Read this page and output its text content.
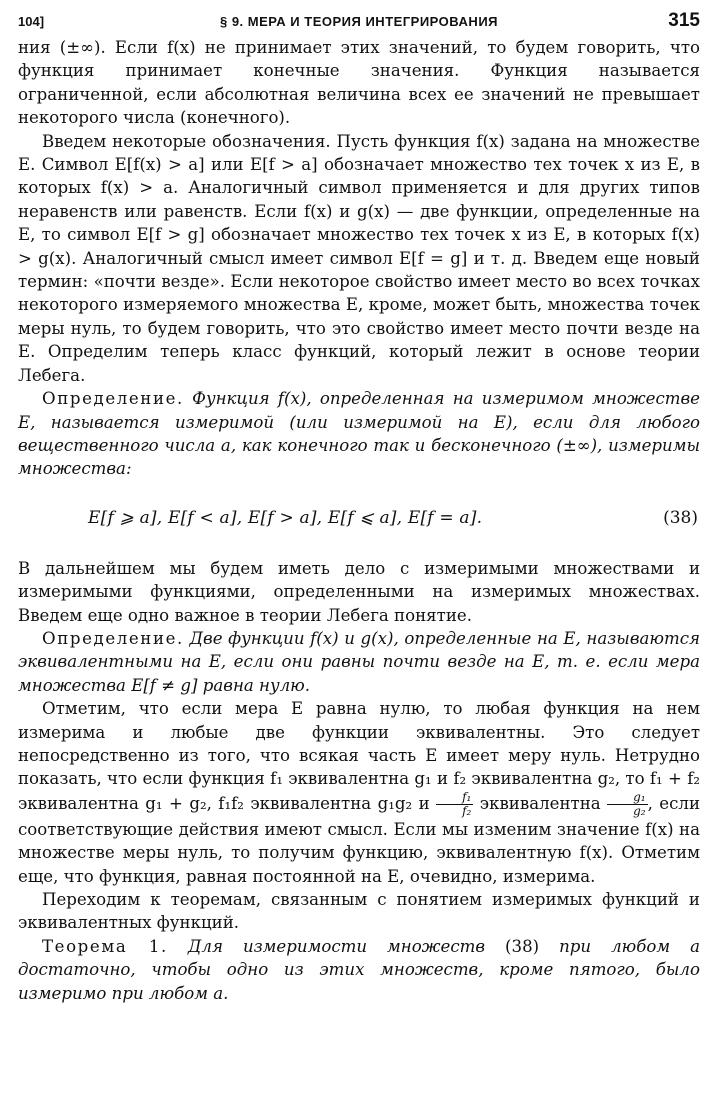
104]	§ 9. МЕРА И ТЕОРИЯ ИНТЕГРИРОВАНИЯ	315

ния (±∞). Если f(x) не принимает этих значений, то будем говорить, что функция принимает конечные значения. Функция называется ограниченной, если абсолютная величина всех ее значений не превышает некоторого числа (конечного).

Введем некоторые обозначения. Пусть функция f(x) задана на множестве E. Символ E[f(x) > a] или E[f > a] обозначает множество тех точек x из E, в которых f(x) > a. Аналогичный символ применяется и для других типов неравенств или равенств. Если f(x) и g(x) — две функции, определенные на E, то символ E[f > g] обозначает множество тех точек x из E, в которых f(x) > g(x). Аналогичный смысл имеет символ E[f = g] и т. д. Введем еще новый термин: «почти везде». Если некоторое свойство имеет место во всех точках некоторого измеряемого множества E, кроме, может быть, множества точек меры нуль, то будем говорить, что это свойство имеет место почти везде на E. Определим теперь класс функций, который лежит в основе теории Лебега.

Определение. Функция f(x), определенная на измеримом множестве E, называется измеримой (или измеримой на E), если для любого вещественного числа a, как конечного так и бесконечного (±∞), измеримы множества:

E[f ⩾ a], E[f < a], E[f > a], E[f ⩽ a], E[f = a].	(38)

В дальнейшем мы будем иметь дело с измеримыми множествами и измеримыми функциями, определенными на измеримых множествах. Введем еще одно важное в теории Лебега понятие.

Определение. Две функции f(x) и g(x), определенные на E, называются эквивалентными на E, если они равны почти везде на E, т. е. если мера множества E[f ≠ g] равна нулю.

Отметим, что если мера E равна нулю, то любая функция на нем измерима и любые две функции эквивалентны. Это следует непосредственно из того, что всякая часть E имеет меру нуль. Нетрудно показать, что если функция f₁ эквивалентна g₁ и f₂ эквивалентна g₂, то f₁ + f₂ эквивалентна g₁ + g₂, f₁f₂ эквивалентна g₁g₂ и $\frac{\text{f₁}}{\text{f₂}}$ эквивалентна $\frac{\text{g₁}}{\text{g₂}}$ , если соответствующие действия имеют смысл. Если мы изменим значение f(x) на множестве меры нуль, то получим функцию, эквивалентную f(x). Отметим еще, что функция, равная постоянной на E, очевидно, измерима.

Переходим к теоремам, связанным с понятием измеримых функций и эквивалентных функций.

Теорема 1. Для измеримости множеств (38) при любом a достаточно, чтобы одно из этих множеств, кроме пятого, было измеримо при любом a.
